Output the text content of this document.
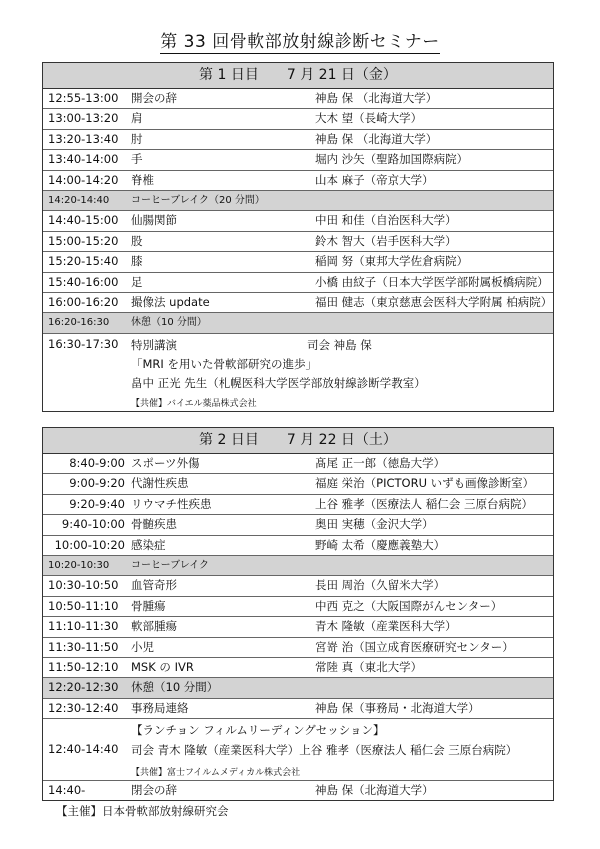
第 33 回骨軟部放射線診断セミナー
第 1 日目　　7 月 21 日（金）
12:55-13:00 開会の辞	神島 保 （北海道大学）
13:00-13:20 肩	大木 望（長崎大学）
13:20-13:40 肘	神島 保 （北海道大学）
13:40-14:00 手	堀内 沙矢（聖路加国際病院）
14:00-14:20 脊椎	山本 麻子（帝京大学）
14:20-14:40 コーヒーブレイク（20 分間）
14:40-15:00 仙腸関節	中田 和佳（自治医科大学）
15:00-15:20 股	鈴木 智大（岩手医科大学）
15:20-15:40 膝	稲岡 努（東邦大学佐倉病院）
15:40-16:00 足	小橋 由紋子（日本大学医学部附属板橋病院）
16:00-16:20 撮像法 update	福田 健志（東京慈恵会医科大学附属 柏病院）
16:20-16:30 休憩（10 分間）
16:30-17:30 特別講演	司会 神島 保
「MRI を用いた骨軟部研究の進歩」
畠中 正光 先生（札幌医科大学医学部放射線診断学教室）
【共催】バイエル薬品株式会社
第 2 日目　　7 月 22 日（土）
8:40-9:00 スポーツ外傷	髙尾 正一郎（徳島大学）
9:00-9:20 代謝性疾患	福庭 栄治（PICTORU いずも画像診断室）
9:20-9:40 リウマチ性疾患	上谷 雅孝（医療法人 稲仁会 三原台病院）
9:40-10:00 骨髄疾患	奥田 実穂（金沢大学）
10:00-10:20 感染症	野崎 太希（慶應義塾大）
10:20-10:30 コーヒーブレイク
10:30-10:50 血管奇形	長田 周治（久留米大学）
10:50-11:10 骨腫瘍	中西 克之（大阪国際がんセンター）
11:10-11:30 軟部腫瘍	青木 隆敏（産業医科大学）
11:30-11:50 小児	宮嵜 治（国立成育医療研究センター）
11:50-12:10 MSK の IVR	常陸 真（東北大学）
12:20-12:30 休憩（10 分間）
12:30-12:40 事務局連絡	神島 保（事務局・北海道大学）
【ランチョン フィルムリーディングセッション】
12:40-14:40 司会 青木 隆敏（産業医科大学）上谷 雅孝（医療法人 稲仁会 三原台病院）
【共催】富士フイルムメディカル株式会社
14:40-	閉会の辞	神島 保（北海道大学）
【主催】日本骨軟部放射線研究会
